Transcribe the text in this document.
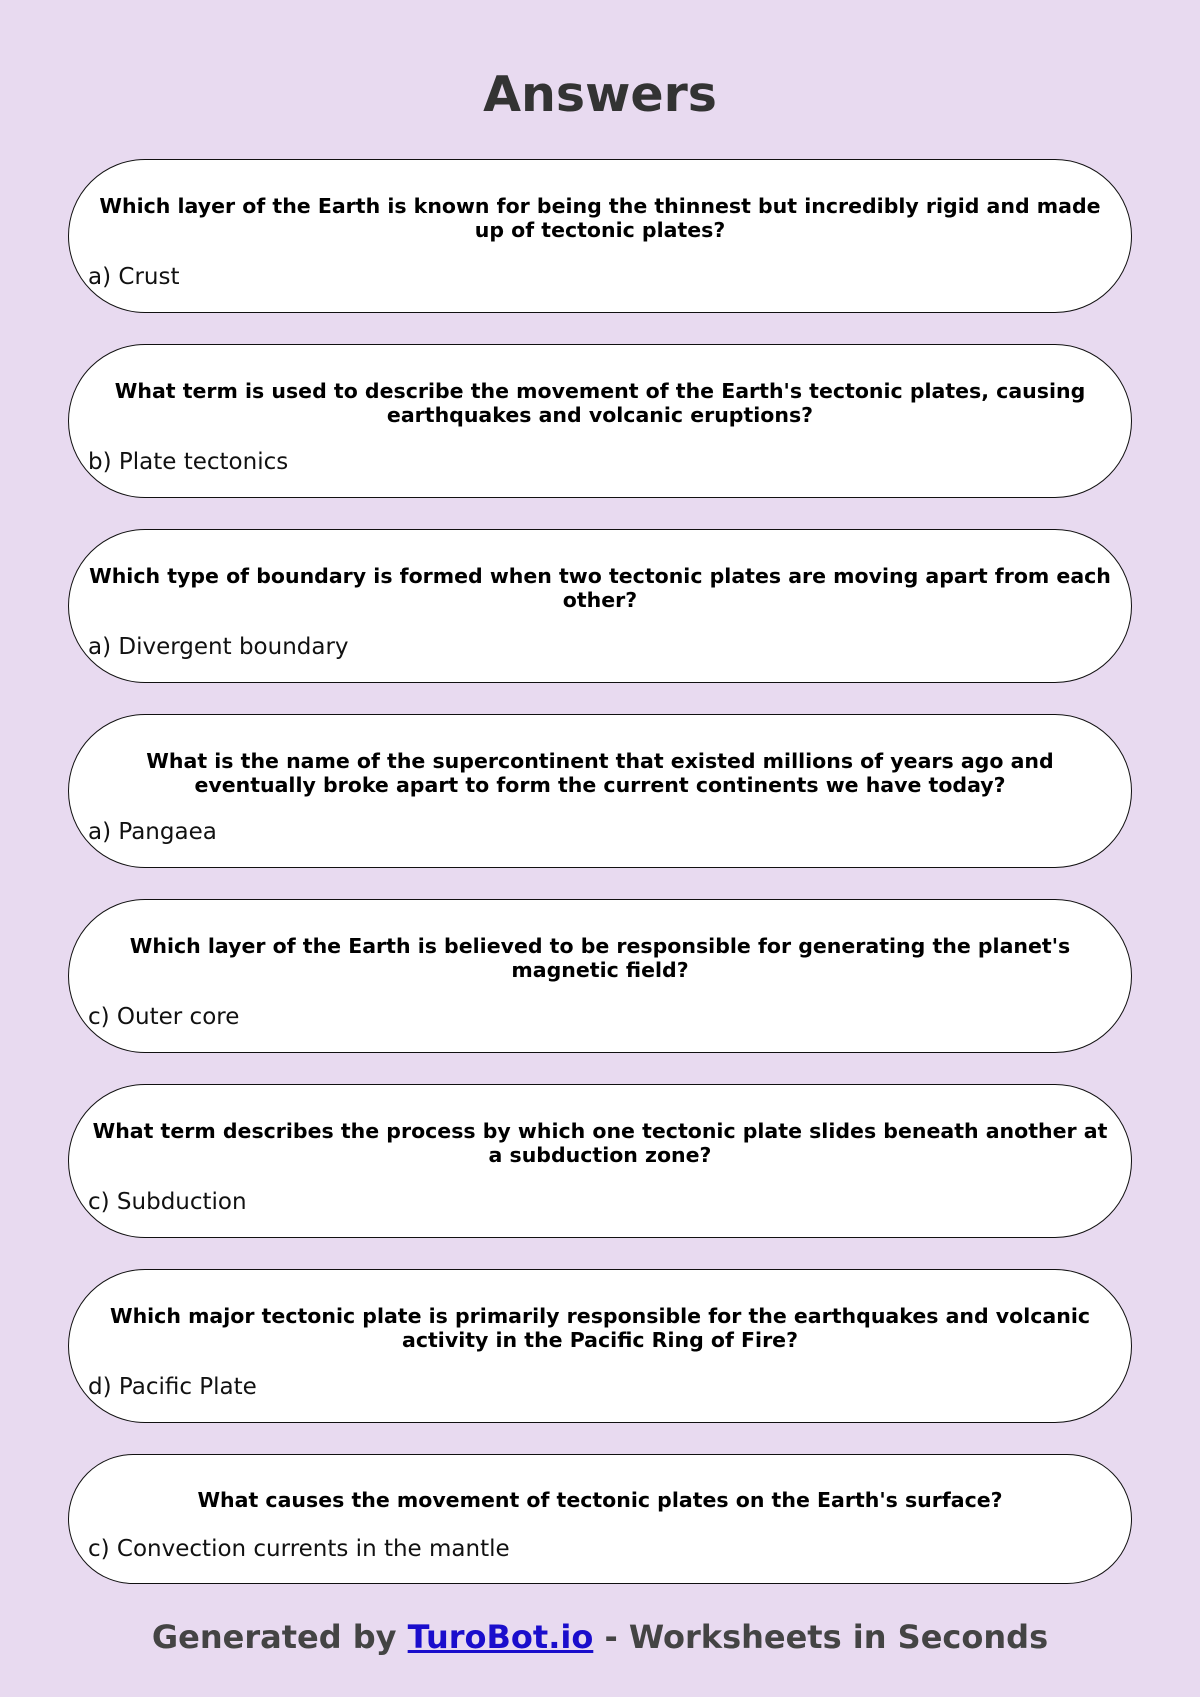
Answers

Which layer of the Earth is known for being the thinnest but incredibly rigid and made up of tectonic plates?

a) Crust

What term is used to describe the movement of the Earth's tectonic plates, causing earthquakes and volcanic eruptions?

b) Plate tectonics

Which type of boundary is formed when two tectonic plates are moving apart from each other?

a) Divergent boundary

What is the name of the supercontinent that existed millions of years ago and eventually broke apart to form the current continents we have today?

a) Pangaea

Which layer of the Earth is believed to be responsible for generating the planet's magnetic field?

c) Outer core

What term describes the process by which one tectonic plate slides beneath another at a subduction zone?

c) Subduction

Which major tectonic plate is primarily responsible for the earthquakes and volcanic activity in the Pacific Ring of Fire?

d) Pacific Plate

What causes the movement of tectonic plates on the Earth's surface?

c) Convection currents in the mantle

Generated by TuroBot.io - Worksheets in Seconds
